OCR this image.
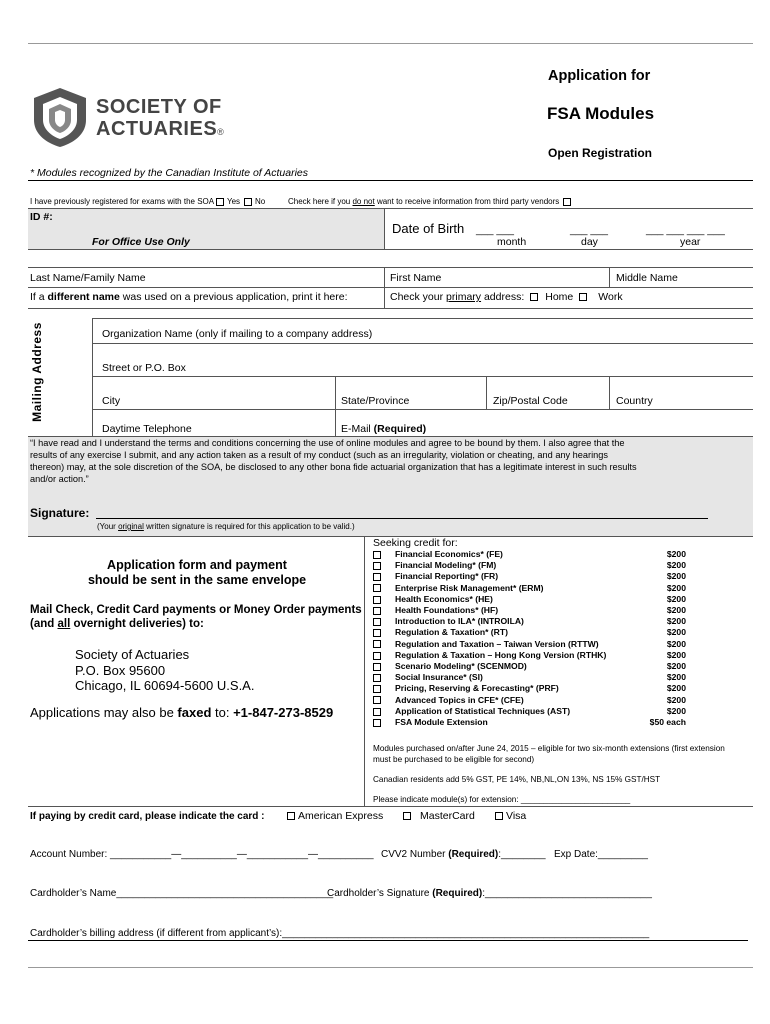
SOCIETY OF
ACTUARIES®
Application for
FSA Modules
Open Registration
* Modules recognized by the Canadian Institute of Actuaries
I have previously registered for exams with the SOA	Yes	No	Check here if you do not want to receive information from third party vendors
ID #:
For Office Use Only
Date of Birth ___ ___	___ ___	___ ___ ___ ___
month	day	year
Last Name/Family Name	First Name	Middle Name
If a different name was used on a previous application, print it here:	Check your primary address: Home Work
Mailing Address	Organization Name (only if mailing to a company address)
Street or P.O. Box
City	State/Province	Zip/Postal Code	Country
Daytime Telephone	E-Mail (Required)
“I have read and I understand the terms and conditions concerning the use of online modules and agree to be bound by them. I also agree that the
results of any exercise I submit, and any action taken as a result of my conduct (such as an irregularity, violation or cheating, and any hearings
thereon) may, at the sole discretion of the SOA, be disclosed to any other bona fide actuarial organization that has a legitimate interest in such results
and/or action.”
Signature:
(Your original written signature is required for this application to be valid.)
Application form and payment
should be sent in the same envelope
Mail Check, Credit Card payments or Money Order payments
(and all overnight deliveries) to:
Society of Actuaries
P.O. Box 95600
Chicago, IL 60694-5600 U.S.A.
Applications may also be faxed to: +1-847-273-8529
Seeking credit for:
Financial Economics* (FE)	$200
Financial Modeling* (FM)	$200
Financial Reporting* (FR)	$200
Enterprise Risk Management* (ERM)	$200
Health Economics* (HE)	$200
Health Foundations* (HF)	$200
Introduction to ILA* (INTROILA)	$200
Regulation & Taxation* (RT)	$200
Regulation and Taxation – Taiwan Version (RTTW)	$200
Regulation & Taxation – Hong Kong Version (RTHK)	$200
Scenario Modeling* (SCENMOD)	$200
Social Insurance* (SI)	$200
Pricing, Reserving & Forecasting* (PRF)	$200
Advanced Topics in CFE* (CFE)	$200
Application of Statistical Techniques (AST)	$200
FSA Module Extension	$50 each
Modules purchased on/after June 24, 2015 – eligible for two six-month extensions (first extension
must be purchased to be eligible for second)
Canadian residents add 5% GST, PE 14%, NB,NL,ON 13%, NS 15% GST/HST
Please indicate module(s) for extension: ________________________
If paying by credit card, please indicate the card :	American Express	MasterCard	Visa
Account Number: ___________—__________—___________—__________ CVV2 Number (Required):________ Exp Date:_________
Cardholder’s Name_______________________________________
Cardholder’s Signature (Required):______________________________
Cardholder’s billing address (if different from applicant’s):__________________________________________________________________
